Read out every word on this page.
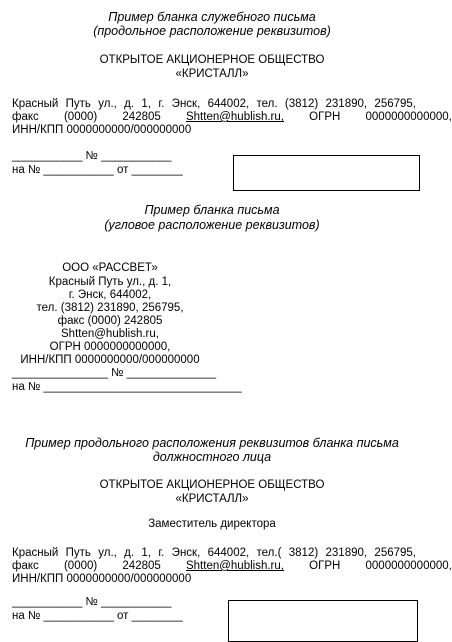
Пример бланка служебного письма
(продольное расположение реквизитов)
ОТКРЫТОЕ АКЦИОНЕРНОЕ ОБЩЕСТВО
«КРИСТАЛЛ»
Красный Путь ул., д. 1, г. Энск, 644002, тел. (3812) 231890, 256795,
факс (0000) 242805 Shtten@hublish.ru, ОГРН 0000000000000,
ИНН/КПП 0000000000/000000000
___________ № ___________
на № ___________ от ________
Пример бланка письма
(угловое расположение реквизитов)
ООО «РАССВЕТ»
Красный Путь ул., д. 1,
г. Энск, 644002,
тел. (3812) 231890, 256795,
факс (0000) 242805
Shtten@hublish.ru,
ОГРН 0000000000000,
ИНН/КПП 0000000000/000000000
_______________ № ______________
на № _______________________________
Пример продольного расположения реквизитов бланка письма
должностного лица
ОТКРЫТОЕ АКЦИОНЕРНОЕ ОБЩЕСТВО
«КРИСТАЛЛ»
Заместитель директора
Красный Путь ул., д. 1, г. Энск, 644002, тел.( 3812) 231890, 256795,
факс (0000) 242805 Shtten@hublish.ru, ОГРН 0000000000000,
ИНН/КПП 0000000000/000000000
___________ № ___________
на № ___________ от ________
